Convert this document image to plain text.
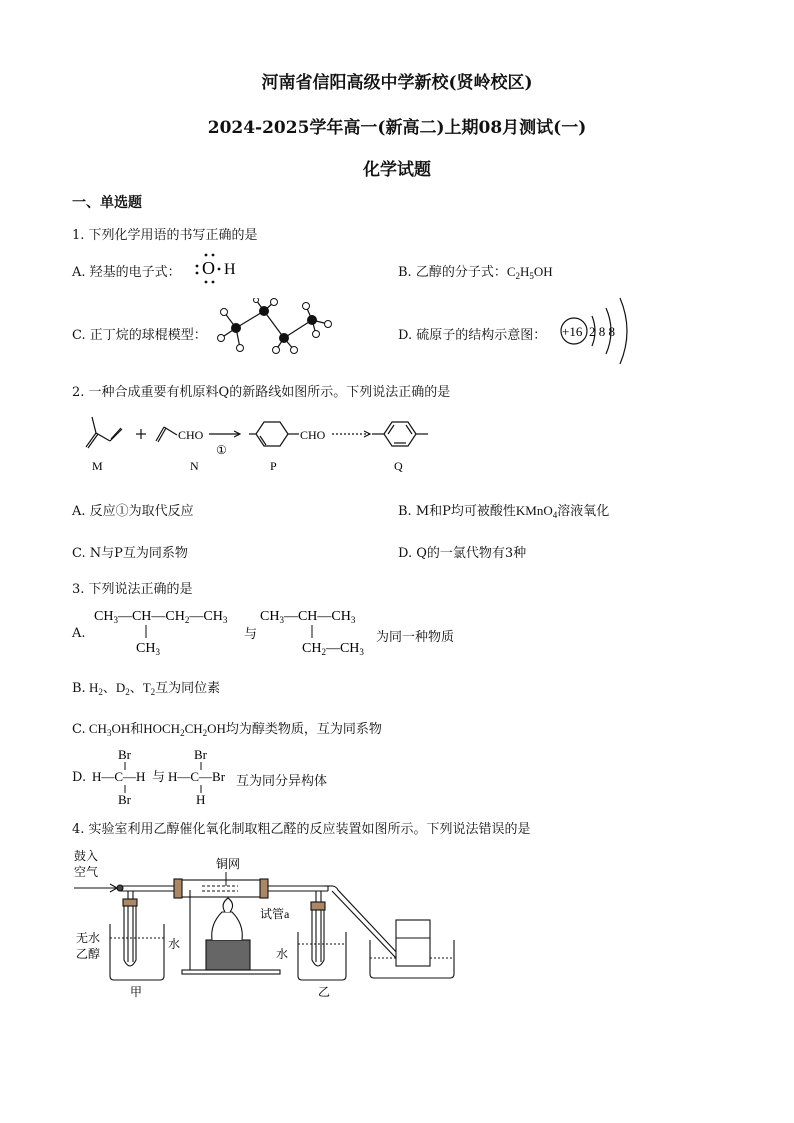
河南省信阳高级中学新校(贤岭校区)
2024-2025学年高一(新高二)上期08月测试(一)
化学试题
一、单选题
1. 下列化学用语的书写正确的是
A. 羟基的电子式： O H	B. 乙醇的分子式：$C_2H_5OH$
C. 正丁烷的球棍模型：	D. 硫原子的结构示意图： +16 2 8 8
2. 一种合成重要有机原料Q的新路线如图所示。下列说法正确的是
CHO	CHO
①
M	N	P	Q
A. 反应①为取代反应	B. M和P均可被酸性KMnO$_4$溶液氧化
C. N与P互为同系物	D. Q的一氯代物有3种
3. 下列说法正确的是
A.
$CH_3—CH—CH_2—CH_3$
$CH_3$
与
$CH_3—CH—CH_3$
$CH_2—CH_3$
为同一种物质
B. $H_2$、$D_2$、$T_2$互为同位素
C. $CH_3OH$和$HOCH_2CH_2OH$均为醇类物质，互为同系物
D.
Br
H—C—H
Br
与
Br
H—C—Br
H
互为同分异构体
4. 实验室利用乙醇催化氧化制取粗乙醛的反应装置如图所示。下列说法错误的是
鼓入
空气
铜网
试管a
无水
乙醇
水
水
甲	乙
